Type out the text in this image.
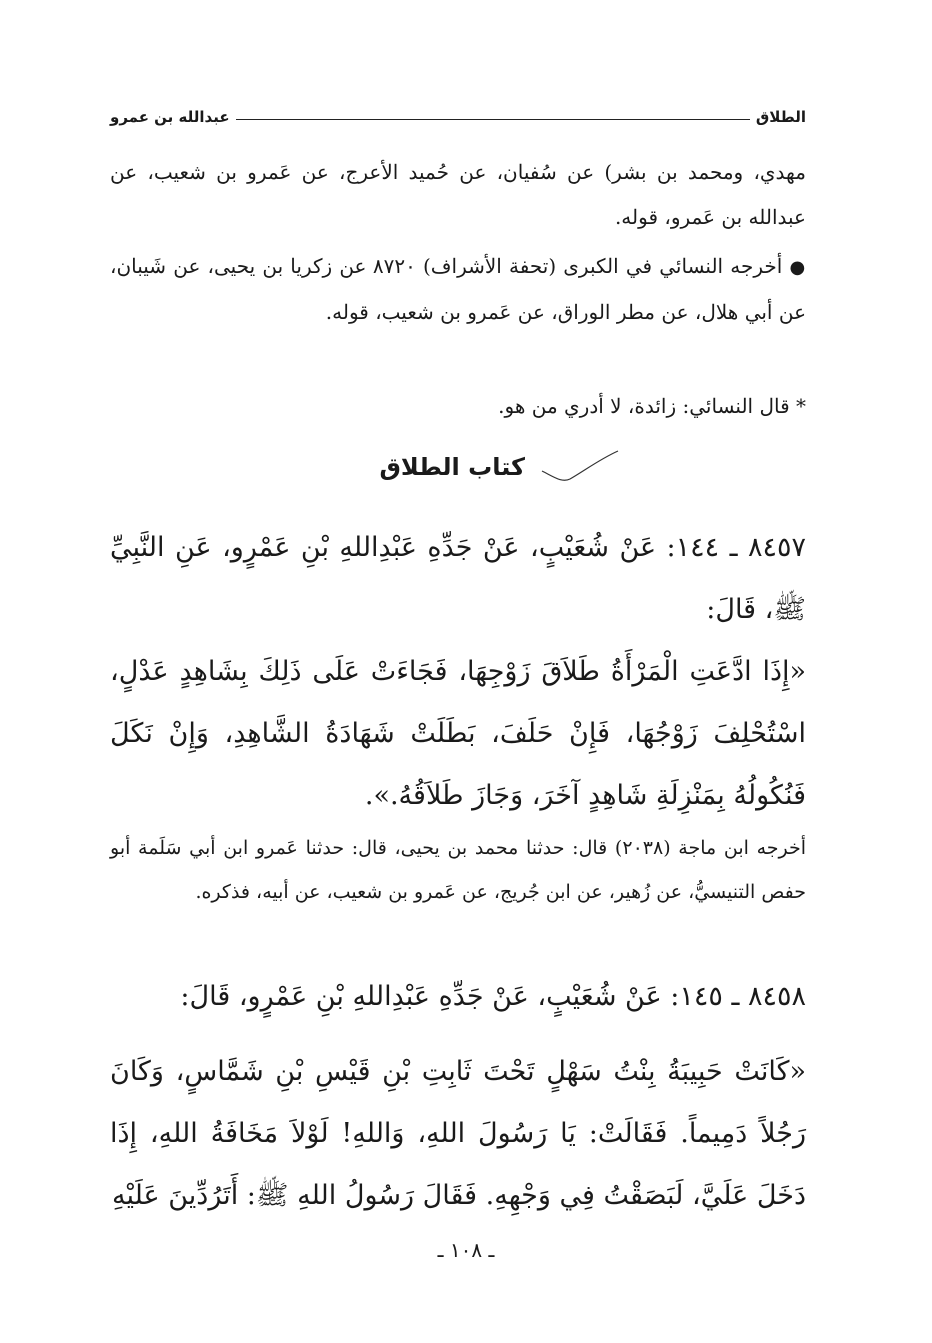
الطلاق
عبدالله بن عمرو
مهدي، ومحمد بن بشر) عن سُفيان، عن حُميد الأعرج، عن عَمرو بن شعيب، عن عبدالله بن عَمرو، قوله.
● أخرجه النسائي في الكبرى (تحفة الأشراف) ٨٧٢٠ عن زكريا بن يحيى، عن شَيبان، عن أبي هلال، عن مطر الوراق، عن عَمرو بن شعيب، قوله.
* قال النسائي: زائدة، لا أدري من هو.
كتاب الطلاق
٨٤٥٧ ـ ١٤٤: عَنْ شُعَيْبٍ، عَنْ جَدِّهِ عَبْدِاللهِ بْنِ عَمْرٍو، عَنِ النَّبِيِّ ﷺ، قَالَ:
«إِذَا ادَّعَتِ الْمَرْأَةُ طَلاَقَ زَوْجِهَا، فَجَاءَتْ عَلَى ذَلِكَ بِشَاهِدٍ عَدْلٍ، اسْتُحْلِفَ زَوْجُهَا، فَإِنْ حَلَفَ، بَطَلَتْ شَهَادَةُ الشَّاهِدِ، وَإِنْ نَكَلَ فَنُكُولُهُ بِمَنْزِلَةِ شَاهِدٍ آخَرَ، وَجَازَ طَلاَقُهُ.».
أخرجه ابن ماجة (٢٠٣٨) قال: حدثنا محمد بن يحيى، قال: حدثنا عَمرو ابن أبي سَلَمة أبو حفص التنيسيُّ، عن زُهير، عن ابن جُريج، عن عَمرو بن شعيب، عن أبيه، فذكره.
٨٤٥٨ ـ ١٤٥: عَنْ شُعَيْبٍ، عَنْ جَدِّهِ عَبْدِاللهِ بْنِ عَمْرٍو، قَالَ:
«كَانَتْ حَبِيبَةُ بِنْتُ سَهْلٍ تَحْتَ ثَابِتِ بْنِ قَيْسِ بْنِ شَمَّاسٍ، وَكَانَ رَجُلاً دَمِيماً. فَقَالَتْ: يَا رَسُولَ اللهِ، وَاللهِ! لَوْلاَ مَخَافَةُ اللهِ، إِذَا دَخَلَ عَلَيَّ، لَبَصَقْتُ فِي وَجْهِهِ. فَقَالَ رَسُولُ اللهِ ﷺ: أَتَرُدِّينَ عَلَيْهِ
ـ ١٠٨ ـ
